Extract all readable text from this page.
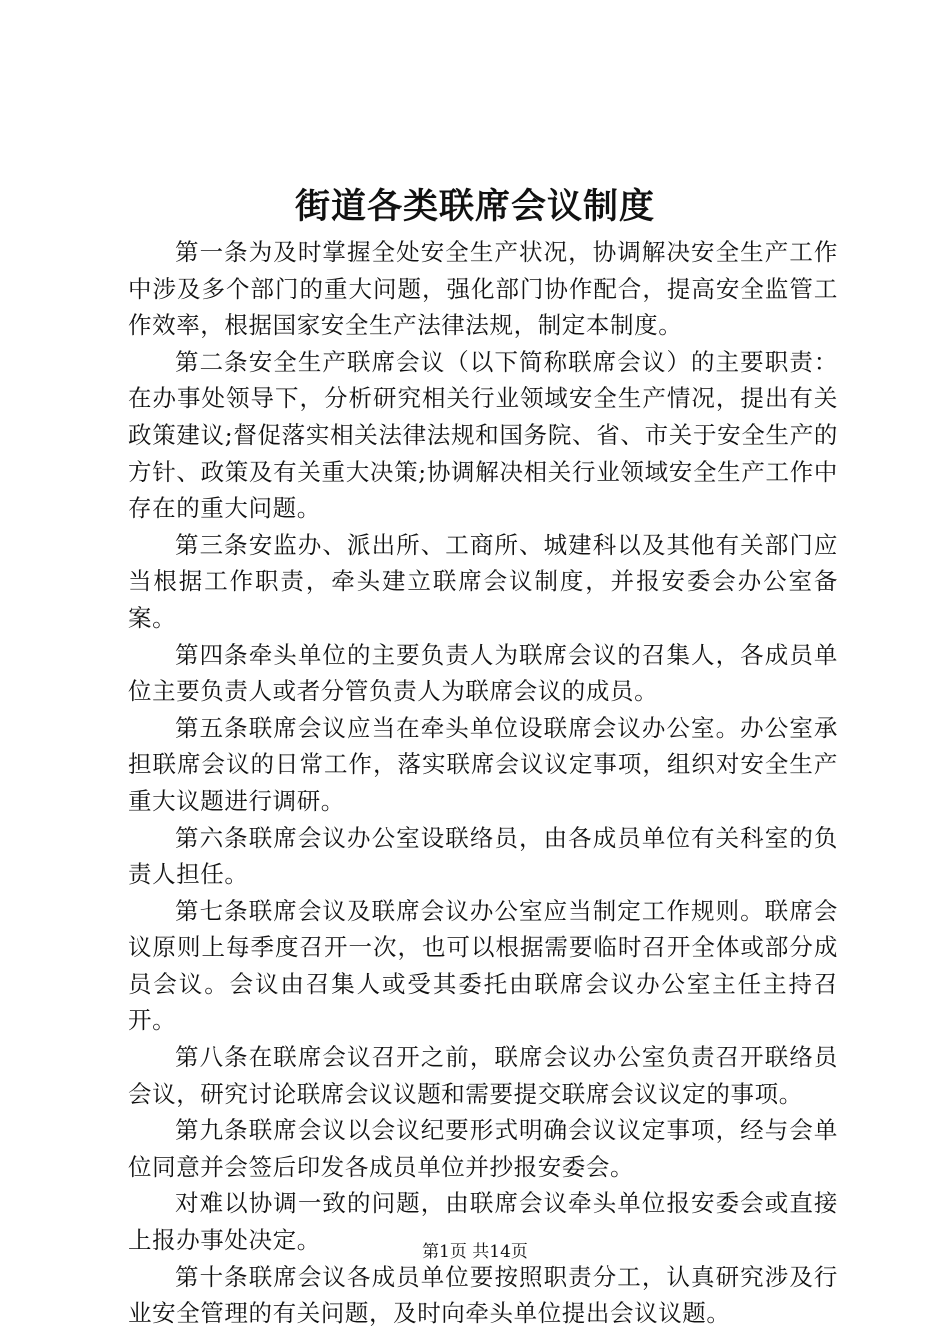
街道各类联席会议制度

第一条为及时掌握全处安全生产状况，协调解决安全生产工作中涉及多个部门的重大问题，强化部门协作配合，提高安全监管工作效率，根据国家安全生产法律法规，制定本制度。

第二条安全生产联席会议（以下简称联席会议）的主要职责：在办事处领导下，分析研究相关行业领域安全生产情况，提出有关政策建议;督促落实相关法律法规和国务院、省、市关于安全生产的方针、政策及有关重大决策;协调解决相关行业领域安全生产工作中存在的重大问题。

第三条安监办、派出所、工商所、城建科以及其他有关部门应当根据工作职责，牵头建立联席会议制度，并报安委会办公室备案。

第四条牵头单位的主要负责人为联席会议的召集人，各成员单位主要负责人或者分管负责人为联席会议的成员。

第五条联席会议应当在牵头单位设联席会议办公室。办公室承担联席会议的日常工作，落实联席会议议定事项，组织对安全生产重大议题进行调研。

第六条联席会议办公室设联络员，由各成员单位有关科室的负责人担任。

第七条联席会议及联席会议办公室应当制定工作规则。联席会议原则上每季度召开一次，也可以根据需要临时召开全体或部分成员会议。会议由召集人或受其委托由联席会议办公室主任主持召开。

第八条在联席会议召开之前，联席会议办公室负责召开联络员会议，研究讨论联席会议议题和需要提交联席会议议定的事项。

第九条联席会议以会议纪要形式明确会议议定事项，经与会单位同意并会签后印发各成员单位并抄报安委会。

对难以协调一致的问题，由联席会议牵头单位报安委会或直接上报办事处决定。

第十条联席会议各成员单位要按照职责分工，认真研究涉及行业安全管理的有关问题，及时向牵头单位提出会议议题。

第1页 共14页
